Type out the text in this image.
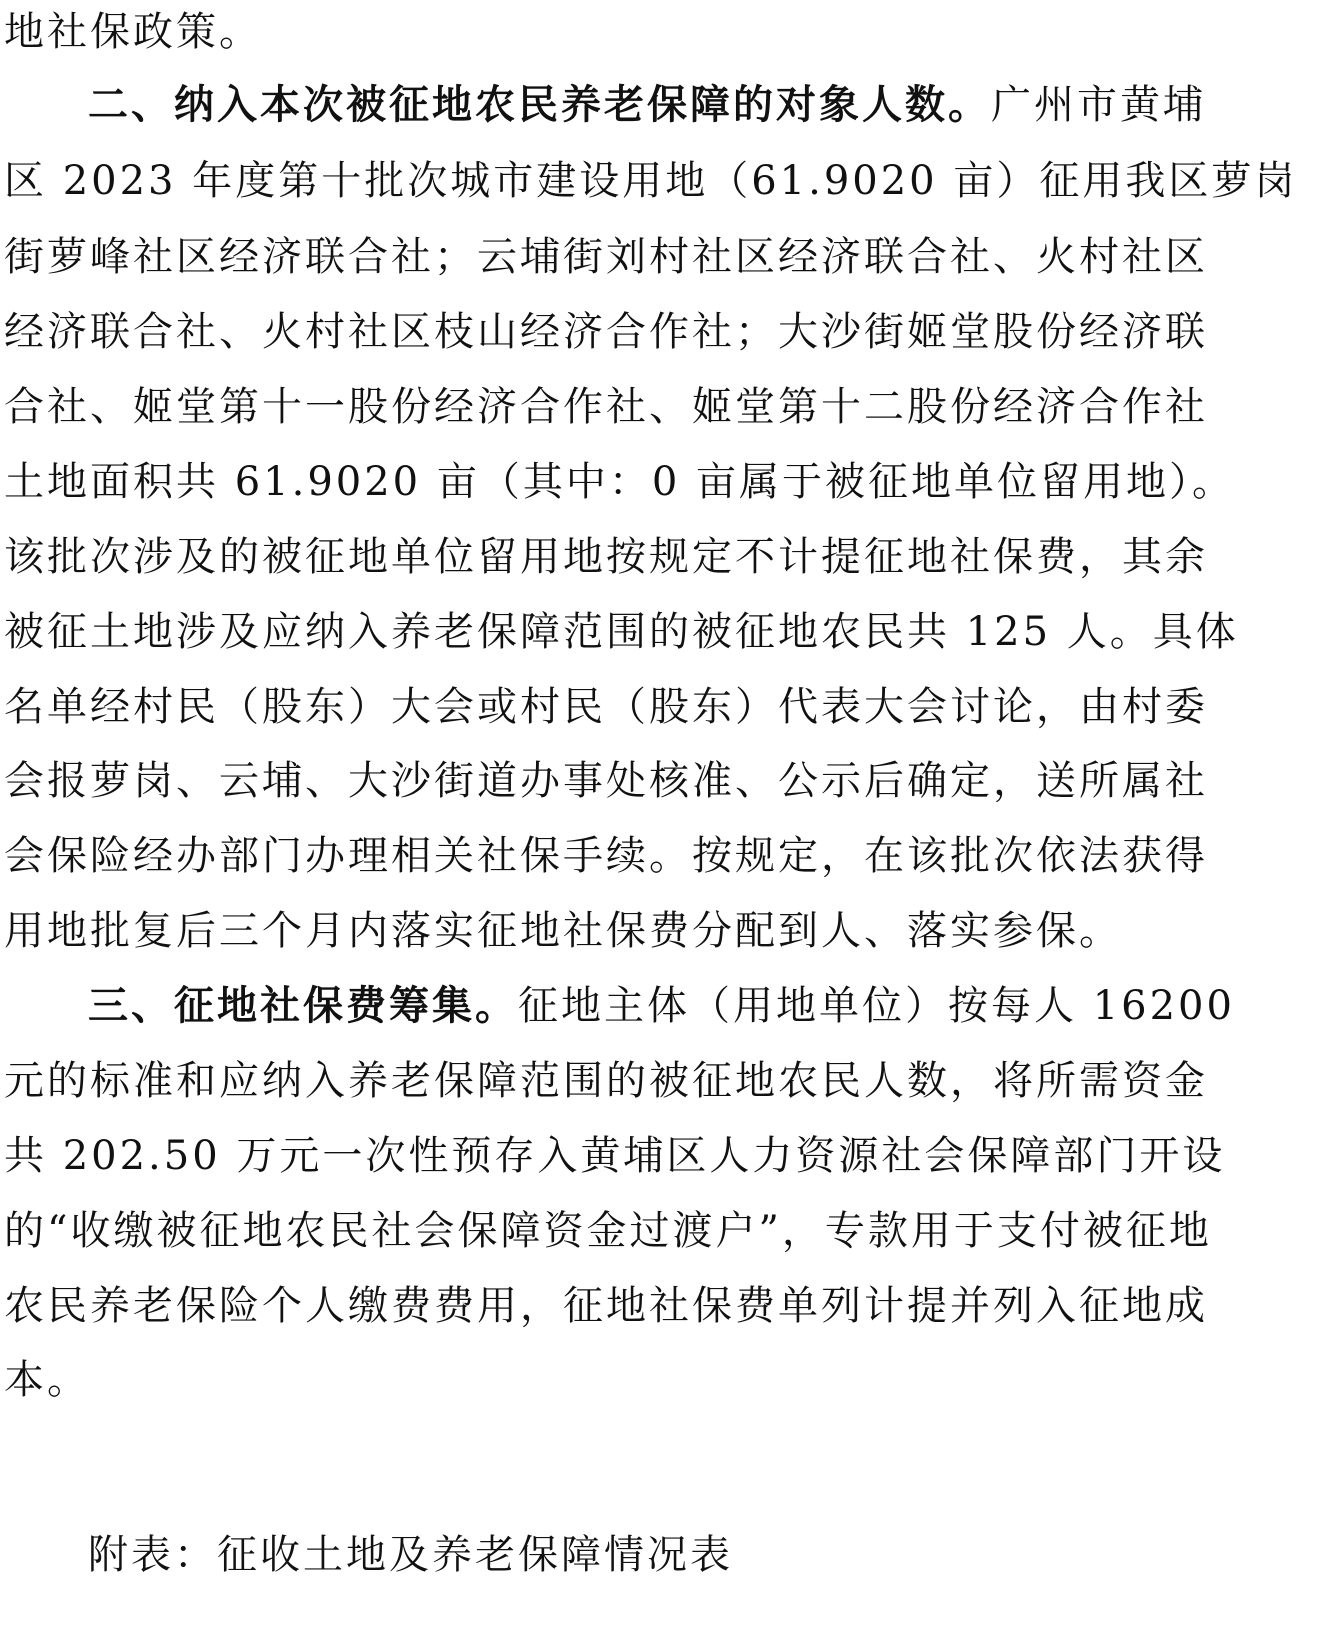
地社保政策。
二、纳入本次被征地农民养老保障的对象人数。广州市黄埔
区 2023 年度第十批次城市建设用地（61.9020 亩）征用我区萝岗
街萝峰社区经济联合社；云埔街刘村社区经济联合社、火村社区
经济联合社、火村社区枝山经济合作社；大沙街姬堂股份经济联
合社、姬堂第十一股份经济合作社、姬堂第十二股份经济合作社
土地面积共 61.9020 亩（其中：0 亩属于被征地单位留用地）。
该批次涉及的被征地单位留用地按规定不计提征地社保费，其余
被征土地涉及应纳入养老保障范围的被征地农民共 125 人。具体
名单经村民（股东）大会或村民（股东）代表大会讨论，由村委
会报萝岗、云埔、大沙街道办事处核准、公示后确定，送所属社
会保险经办部门办理相关社保手续。按规定，在该批次依法获得
用地批复后三个月内落实征地社保费分配到人、落实参保。
三、征地社保费筹集。征地主体（用地单位）按每人 16200
元的标准和应纳入养老保障范围的被征地农民人数，将所需资金
共 202.50 万元一次性预存入黄埔区人力资源社会保障部门开设
的“收缴被征地农民社会保障资金过渡户”，专款用于支付被征地
农民养老保险个人缴费费用，征地社保费单列计提并列入征地成
本。
附表：征收土地及养老保障情况表
